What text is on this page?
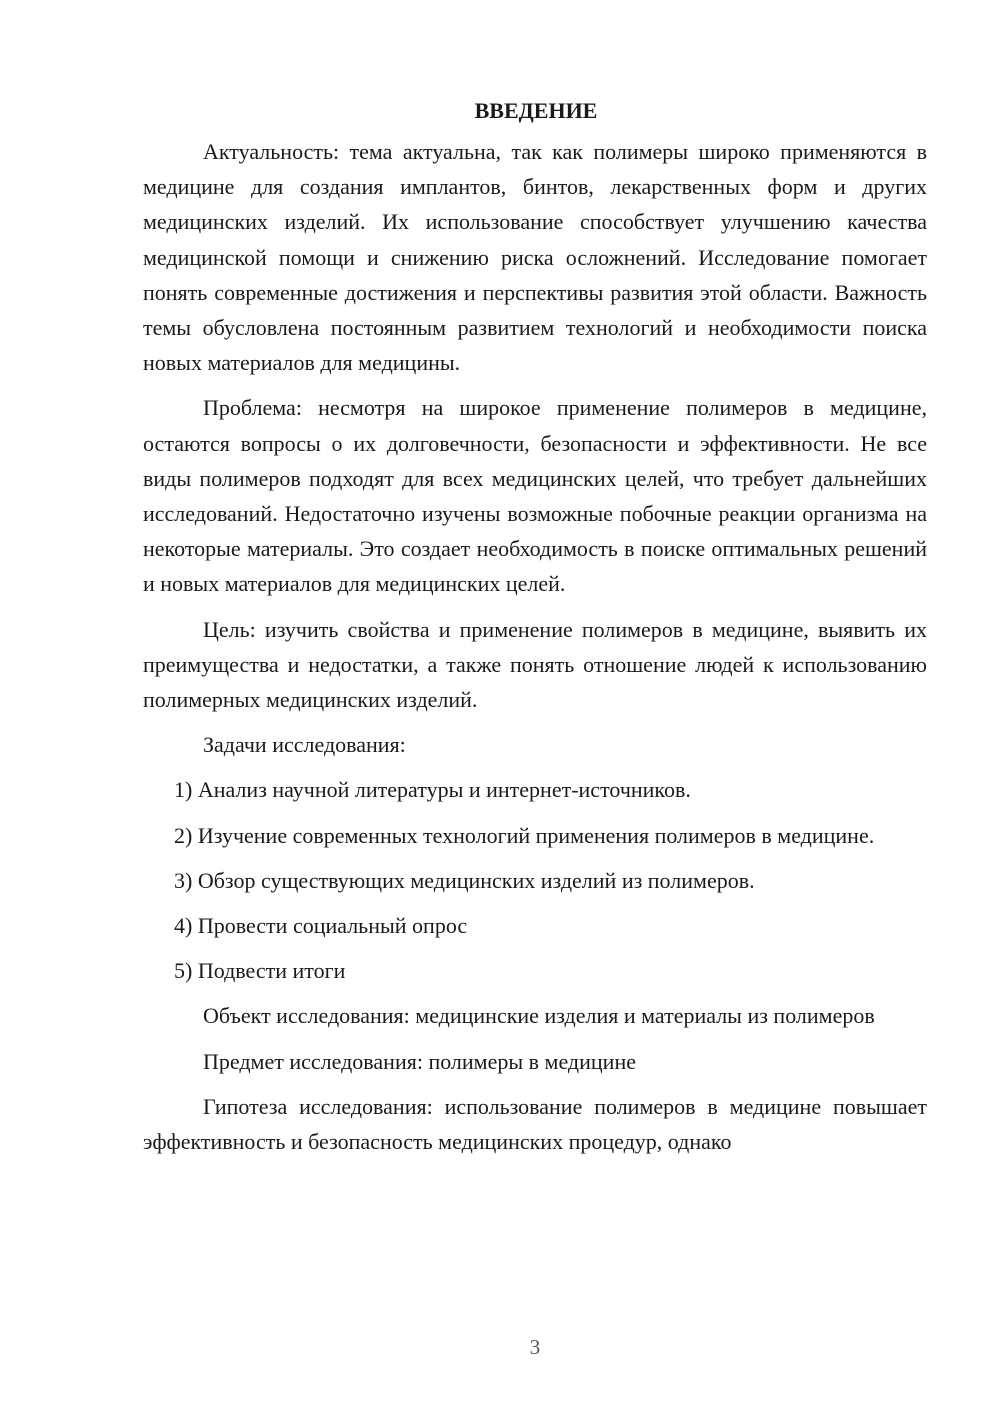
ВВЕДЕНИЕ

Актуальность: тема актуальна, так как полимеры широко применяются в медицине для создания имплантов, бинтов, лекарственных форм и других медицинских изделий. Их использование способствует улучшению качества медицинской помощи и снижению риска осложнений. Исследование помогает понять современные достижения и перспективы развития этой области. Важность темы обусловлена постоянным развитием технологий и необходимости поиска новых материалов для медицины.

Проблема: несмотря на широкое применение полимеров в медицине, остаются вопросы о их долговечности, безопасности и эффективности. Не все виды полимеров подходят для всех медицинских целей, что требует дальнейших исследований. Недостаточно изучены возможные побочные реакции организма на некоторые материалы. Это создает необходимость в поиске оптимальных решений и новых материалов для медицинских целей.

Цель: изучить свойства и применение полимеров в медицине, выявить их преимущества и недостатки, а также понять отношение людей к использованию полимерных медицинских изделий.

Задачи исследования:

1) Анализ научной литературы и интернет-источников.

2) Изучение современных технологий применения полимеров в медицине.

3) Обзор существующих медицинских изделий из полимеров.

4) Провести социальный опрос

5) Подвести итоги

Объект исследования: медицинские изделия и материалы из полимеров

Предмет исследования: полимеры в медицине

Гипотеза исследования: использование полимеров в медицине повышает эффективность и безопасность медицинских процедур, однако

3
